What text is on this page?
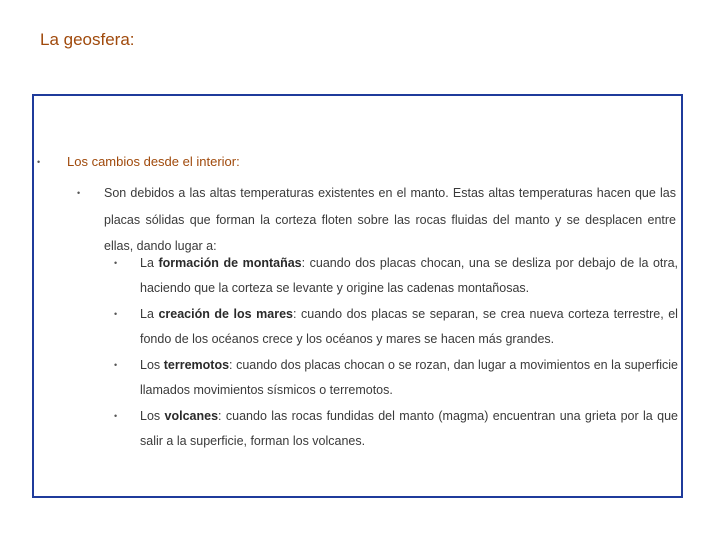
La geosfera:
• Los cambios desde el interior:
• Son debidos a las altas temperaturas existentes en el manto. Estas altas temperaturas hacen que las placas sólidas que forman la corteza floten sobre las rocas fluidas del manto y se desplacen entre ellas, dando lugar a:
• La formación de montañas: cuando dos placas chocan, una se desliza por debajo de la otra, haciendo que la corteza se levante y origine las cadenas montañosas.
• La creación de los mares: cuando dos placas se separan, se crea nueva corteza terrestre, el fondo de los océanos crece y los océanos y mares se hacen más grandes.
• Los terremotos: cuando dos placas chocan o se rozan, dan lugar a movimientos en la superficie llamados movimientos sísmicos o terremotos.
• Los volcanes: cuando las rocas fundidas del manto (magma) encuentran una grieta por la que salir a la superficie, forman los volcanes.
